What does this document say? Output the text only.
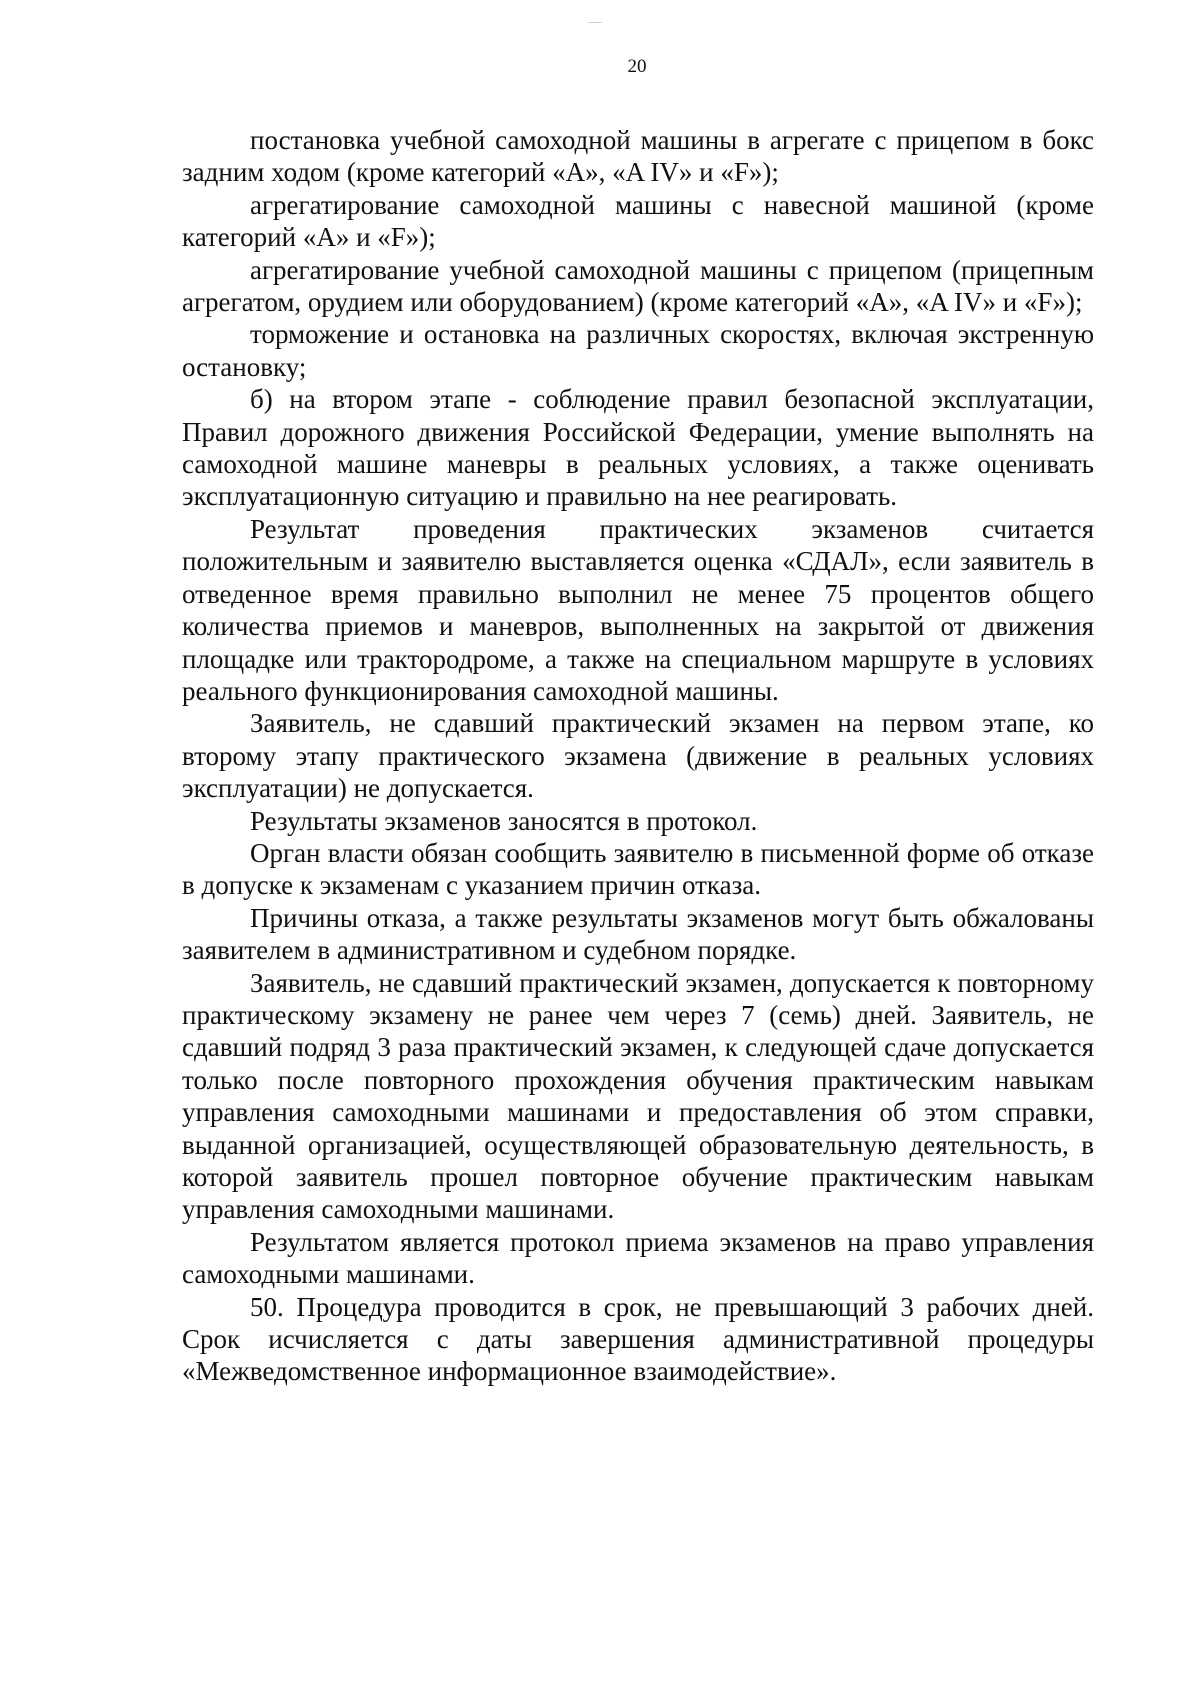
20

постановка учебной самоходной машины в агрегате с прицепом в бокс задним ходом (кроме категорий «A», «A IV» и «F»);

агрегатирование самоходной машины с навесной машиной (кроме категорий «A» и «F»);

агрегатирование учебной самоходной машины с прицепом (прицепным агрегатом, орудием или оборудованием) (кроме категорий «A», «A IV» и «F»);

торможение и остановка на различных скоростях, включая экстренную остановку;

б) на втором этапе - соблюдение правил безопасной эксплуатации, Правил дорожного движения Российской Федерации, умение выполнять на самоходной машине маневры в реальных условиях, а также оценивать эксплуатационную ситуацию и правильно на нее реагировать.

Результат проведения практических экзаменов считается положительным и заявителю выставляется оценка «СДАЛ», если заявитель в отведенное время правильно выполнил не менее 75 процентов общего количества приемов и маневров, выполненных на закрытой от движения площадке или трактородроме, а также на специальном маршруте в условиях реального функционирования самоходной машины.

Заявитель, не сдавший практический экзамен на первом этапе, ко второму этапу практического экзамена (движение в реальных условиях эксплуатации) не допускается.

Результаты экзаменов заносятся в протокол.

Орган власти обязан сообщить заявителю в письменной форме об отказе в допуске к экзаменам с указанием причин отказа.

Причины отказа, а также результаты экзаменов могут быть обжалованы заявителем в административном и судебном порядке.

Заявитель, не сдавший практический экзамен, допускается к повторному практическому экзамену не ранее чем через 7 (семь) дней. Заявитель, не сдавший подряд 3 раза практический экзамен, к следующей сдаче допускается только после повторного прохождения обучения практическим навыкам управления самоходными машинами и предоставления об этом справки, выданной организацией, осуществляющей образовательную деятельность, в которой заявитель прошел повторное обучение практическим навыкам управления самоходными машинами.

Результатом является протокол приема экзаменов на право управления самоходными машинами.

50. Процедура проводится в срок, не превышающий 3 рабочих дней. Срок исчисляется с даты завершения административной процедуры «Межведомственное информационное взаимодействие».
